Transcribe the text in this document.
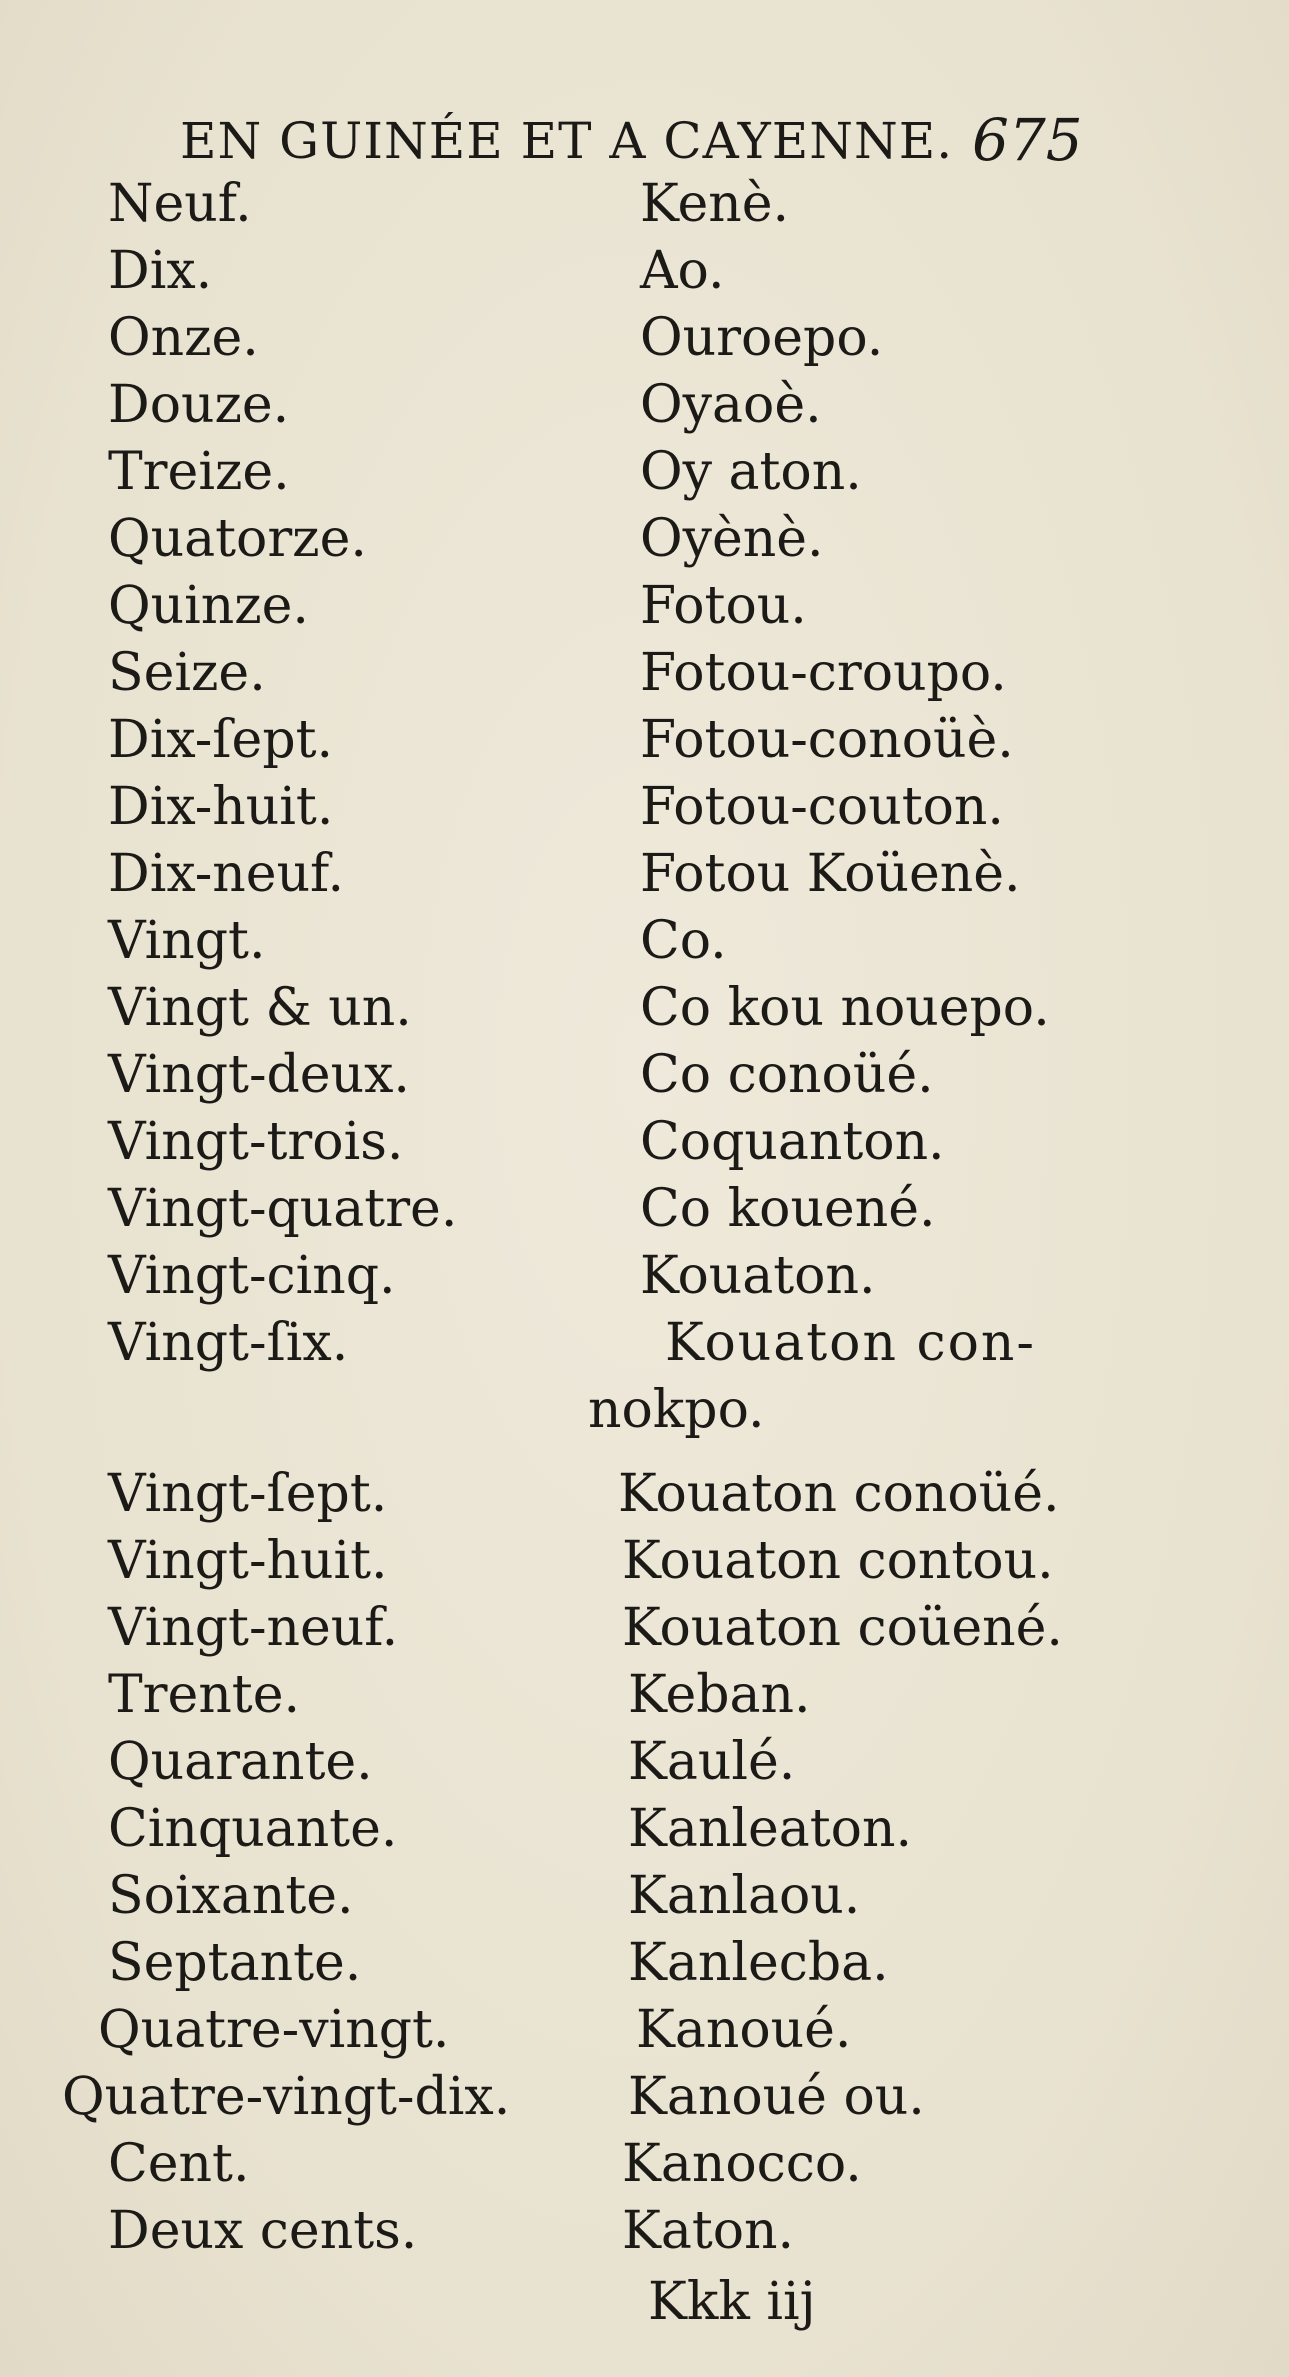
EN GUINÉE ET A CAYENNE. 675
Neuf.	Kenè.
Dix.	Ao.
Onze.	Ouroepo.
Douze.	Oyaoè.
Treize.	Oy aton.
Quatorze.	Oyènè.
Quinze.	Fotou.
Seize.	Fotou-croupo.
Dix-ſept.	Fotou-conoüè.
Dix-huit.	Fotou-couton.
Dix-neuf.	Fotou Koüenè.
Vingt.	Co.
Vingt & un.	Co kou nouepo.
Vingt-deux.	Co conoüé.
Vingt-trois.	Coquanton.
Vingt-quatre.	Co kouené.
Vingt-cinq.	Kouaton.
Vingt-ſix.	Kouaton con-
nokpo.
Vingt-ſept.	Kouaton conoüé.
Vingt-huit.	Kouaton contou.
Vingt-neuf.	Kouaton coüené.
Trente.	Keban.
Quarante.	Kaulé.
Cinquante.	Kanleaton.
Soixante.	Kanlaou.
Septante.	Kanlecba.
Quatre-vingt.	Kanoué.
Quatre-vingt-dix. Kanoué ou.
Cent.	Kanocco.
Deux cents.	Katon.
Kkk iij
